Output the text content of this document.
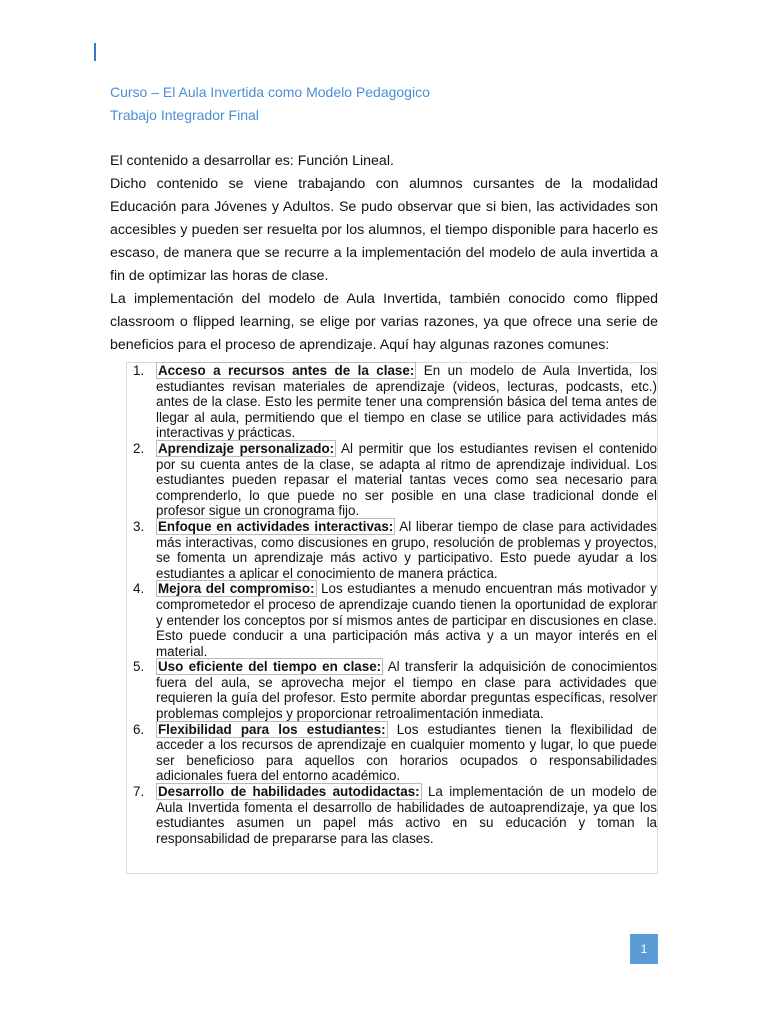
Curso – El Aula Invertida como Modelo Pedagogico
Trabajo Integrador Final

El contenido a desarrollar es: Función Lineal.

Dicho contenido se viene trabajando con alumnos cursantes de la modalidad Educación para Jóvenes y Adultos. Se pudo observar que si bien, las actividades son accesibles y pueden ser resuelta por los alumnos, el tiempo disponible para hacerlo es escaso, de manera que se recurre a la implementación del modelo de aula invertida a fin de optimizar las horas de clase.

La implementación del modelo de Aula Invertida, también conocido como flipped classroom o flipped learning, se elige por varias razones, ya que ofrece una serie de beneficios para el proceso de aprendizaje. Aquí hay algunas razones comunes:

1. Acceso a recursos antes de la clase: En un modelo de Aula Invertida, los estudiantes revisan materiales de aprendizaje (videos, lecturas, podcasts, etc.) antes de la clase. Esto les permite tener una comprensión básica del tema antes de llegar al aula, permitiendo que el tiempo en clase se utilice para actividades más interactivas y prácticas.
2. Aprendizaje personalizado: Al permitir que los estudiantes revisen el contenido por su cuenta antes de la clase, se adapta al ritmo de aprendizaje individual. Los estudiantes pueden repasar el material tantas veces como sea necesario para comprenderlo, lo que puede no ser posible en una clase tradicional donde el profesor sigue un cronograma fijo.
3. Enfoque en actividades interactivas: Al liberar tiempo de clase para actividades más interactivas, como discusiones en grupo, resolución de problemas y proyectos, se fomenta un aprendizaje más activo y participativo. Esto puede ayudar a los estudiantes a aplicar el conocimiento de manera práctica.
4. Mejora del compromiso: Los estudiantes a menudo encuentran más motivador y comprometedor el proceso de aprendizaje cuando tienen la oportunidad de explorar y entender los conceptos por sí mismos antes de participar en discusiones en clase. Esto puede conducir a una participación más activa y a un mayor interés en el material.
5. Uso eficiente del tiempo en clase: Al transferir la adquisición de conocimientos fuera del aula, se aprovecha mejor el tiempo en clase para actividades que requieren la guía del profesor. Esto permite abordar preguntas específicas, resolver problemas complejos y proporcionar retroalimentación inmediata.
6. Flexibilidad para los estudiantes: Los estudiantes tienen la flexibilidad de acceder a los recursos de aprendizaje en cualquier momento y lugar, lo que puede ser beneficioso para aquellos con horarios ocupados o responsabilidades adicionales fuera del entorno académico.
7. Desarrollo de habilidades autodidactas: La implementación de un modelo de Aula Invertida fomenta el desarrollo de habilidades de autoaprendizaje, ya que los estudiantes asumen un papel más activo en su educación y toman la responsabilidad de prepararse para las clases.
1
